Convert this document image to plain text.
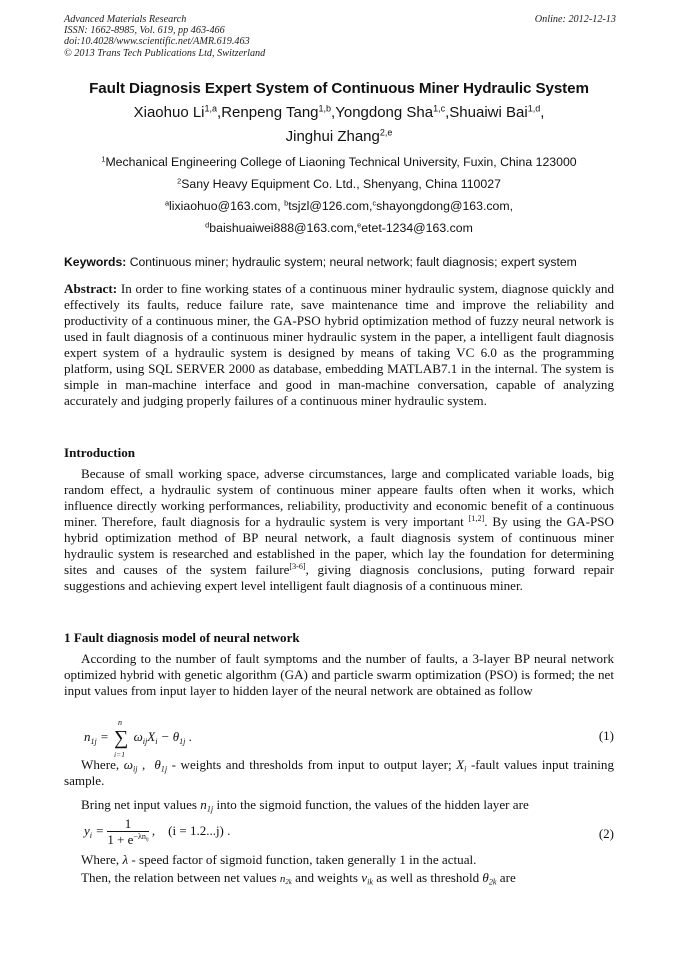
Advanced Materials Research
ISSN: 1662-8985, Vol. 619, pp 463-466
doi:10.4028/www.scientific.net/AMR.619.463
© 2013 Trans Tech Publications Ltd, Switzerland
Online: 2012-12-13
Fault Diagnosis Expert System of Continuous Miner Hydraulic System
Xiaohuo Li$^{1,a}$,Renpeng Tang$^{1,b}$,Yongdong Sha$^{1,c}$,Shuaiwi Bai$^{1,d}$,
Jinghui Zhang$^{2,e}$
$^1$Mechanical Engineering College of Liaoning Technical University, Fuxin, China 123000
$^2$Sany Heavy Equipment Co. Ltd., Shenyang, China 110027
$^a$lixiaohuo@163.com, $^b$tsjzl@126.com,$^c$shayongdong@163.com,
$^d$baishuaiwei888@163.com,$^e$etet-1234@163.com
Keywords: Continuous miner; hydraulic system; neural network; fault diagnosis; expert system
Abstract: In order to fine working states of a continuous miner hydraulic system, diagnose quickly and effectively its faults, reduce failure rate, save maintenance time and improve the reliability and productivity of a continuous miner, the GA-PSO hybrid optimization method of fuzzy neural network is used in fault diagnosis of a continuous miner hydraulic system in the paper, a intelligent fault diagnosis expert system of a hydraulic system is designed by means of taking VC 6.0 as the programming platform, using SQL SERVER 2000 as database, embedding MATLAB7.1 in the internal. The system is simple in man-machine interface and good in man-machine conversation, capable of analyzing accurately and judging properly failures of a continuous miner hydraulic system.
Introduction
Because of small working space, adverse circumstances, large and complicated variable loads, big random effect, a hydraulic system of continuous miner appeare faults often when it works, which influence directly working performances, reliability, productivity and economic benefit of a continuous miner. Therefore, fault diagnosis for a hydraulic system is very important [1,2]. By using the GA-PSO hybrid optimization method of BP neural network, a fault diagnosis system of continuous miner hydraulic system is researched and established in the paper, which lay the foundation for determining sites and causes of the system failure[3-6], giving diagnosis conclusions, puting forward repair suggestions and achieving expert level intelligent fault diagnosis of a continuous miner.
1 Fault diagnosis model of neural network
According to the number of fault symptoms and the number of faults, a 3-layer BP neural network optimized hybrid with genetic algorithm (GA) and particle swarm optimization (PSO) is formed; the net input values from input layer to hidden layer of the neural network are obtained as follow
$n_{1j}$ = ∑
n
i=1
$\omega_{ij}X_i - \theta_{1j}$ .	(1)
Where, $\omega_{ij}$ ,  $\theta_{1j}$ - weights and thresholds from input to output layer; $X_i$ -fault values input training sample.
Bring net input values $n_{1j}$ into the sigmoid function, the values of the hidden layer are
$y_i = \frac{1}{1 + e^{-\lambda n_{ij}}}$ ,    (i = 1.2...j) .	(2)
Where, λ - speed factor of sigmoid function, taken generally 1 in the actual.
Then, the relation between net values $n_{2k}$ and weights $v_{ik}$ as well as threshold $\theta_{2k}$ are
